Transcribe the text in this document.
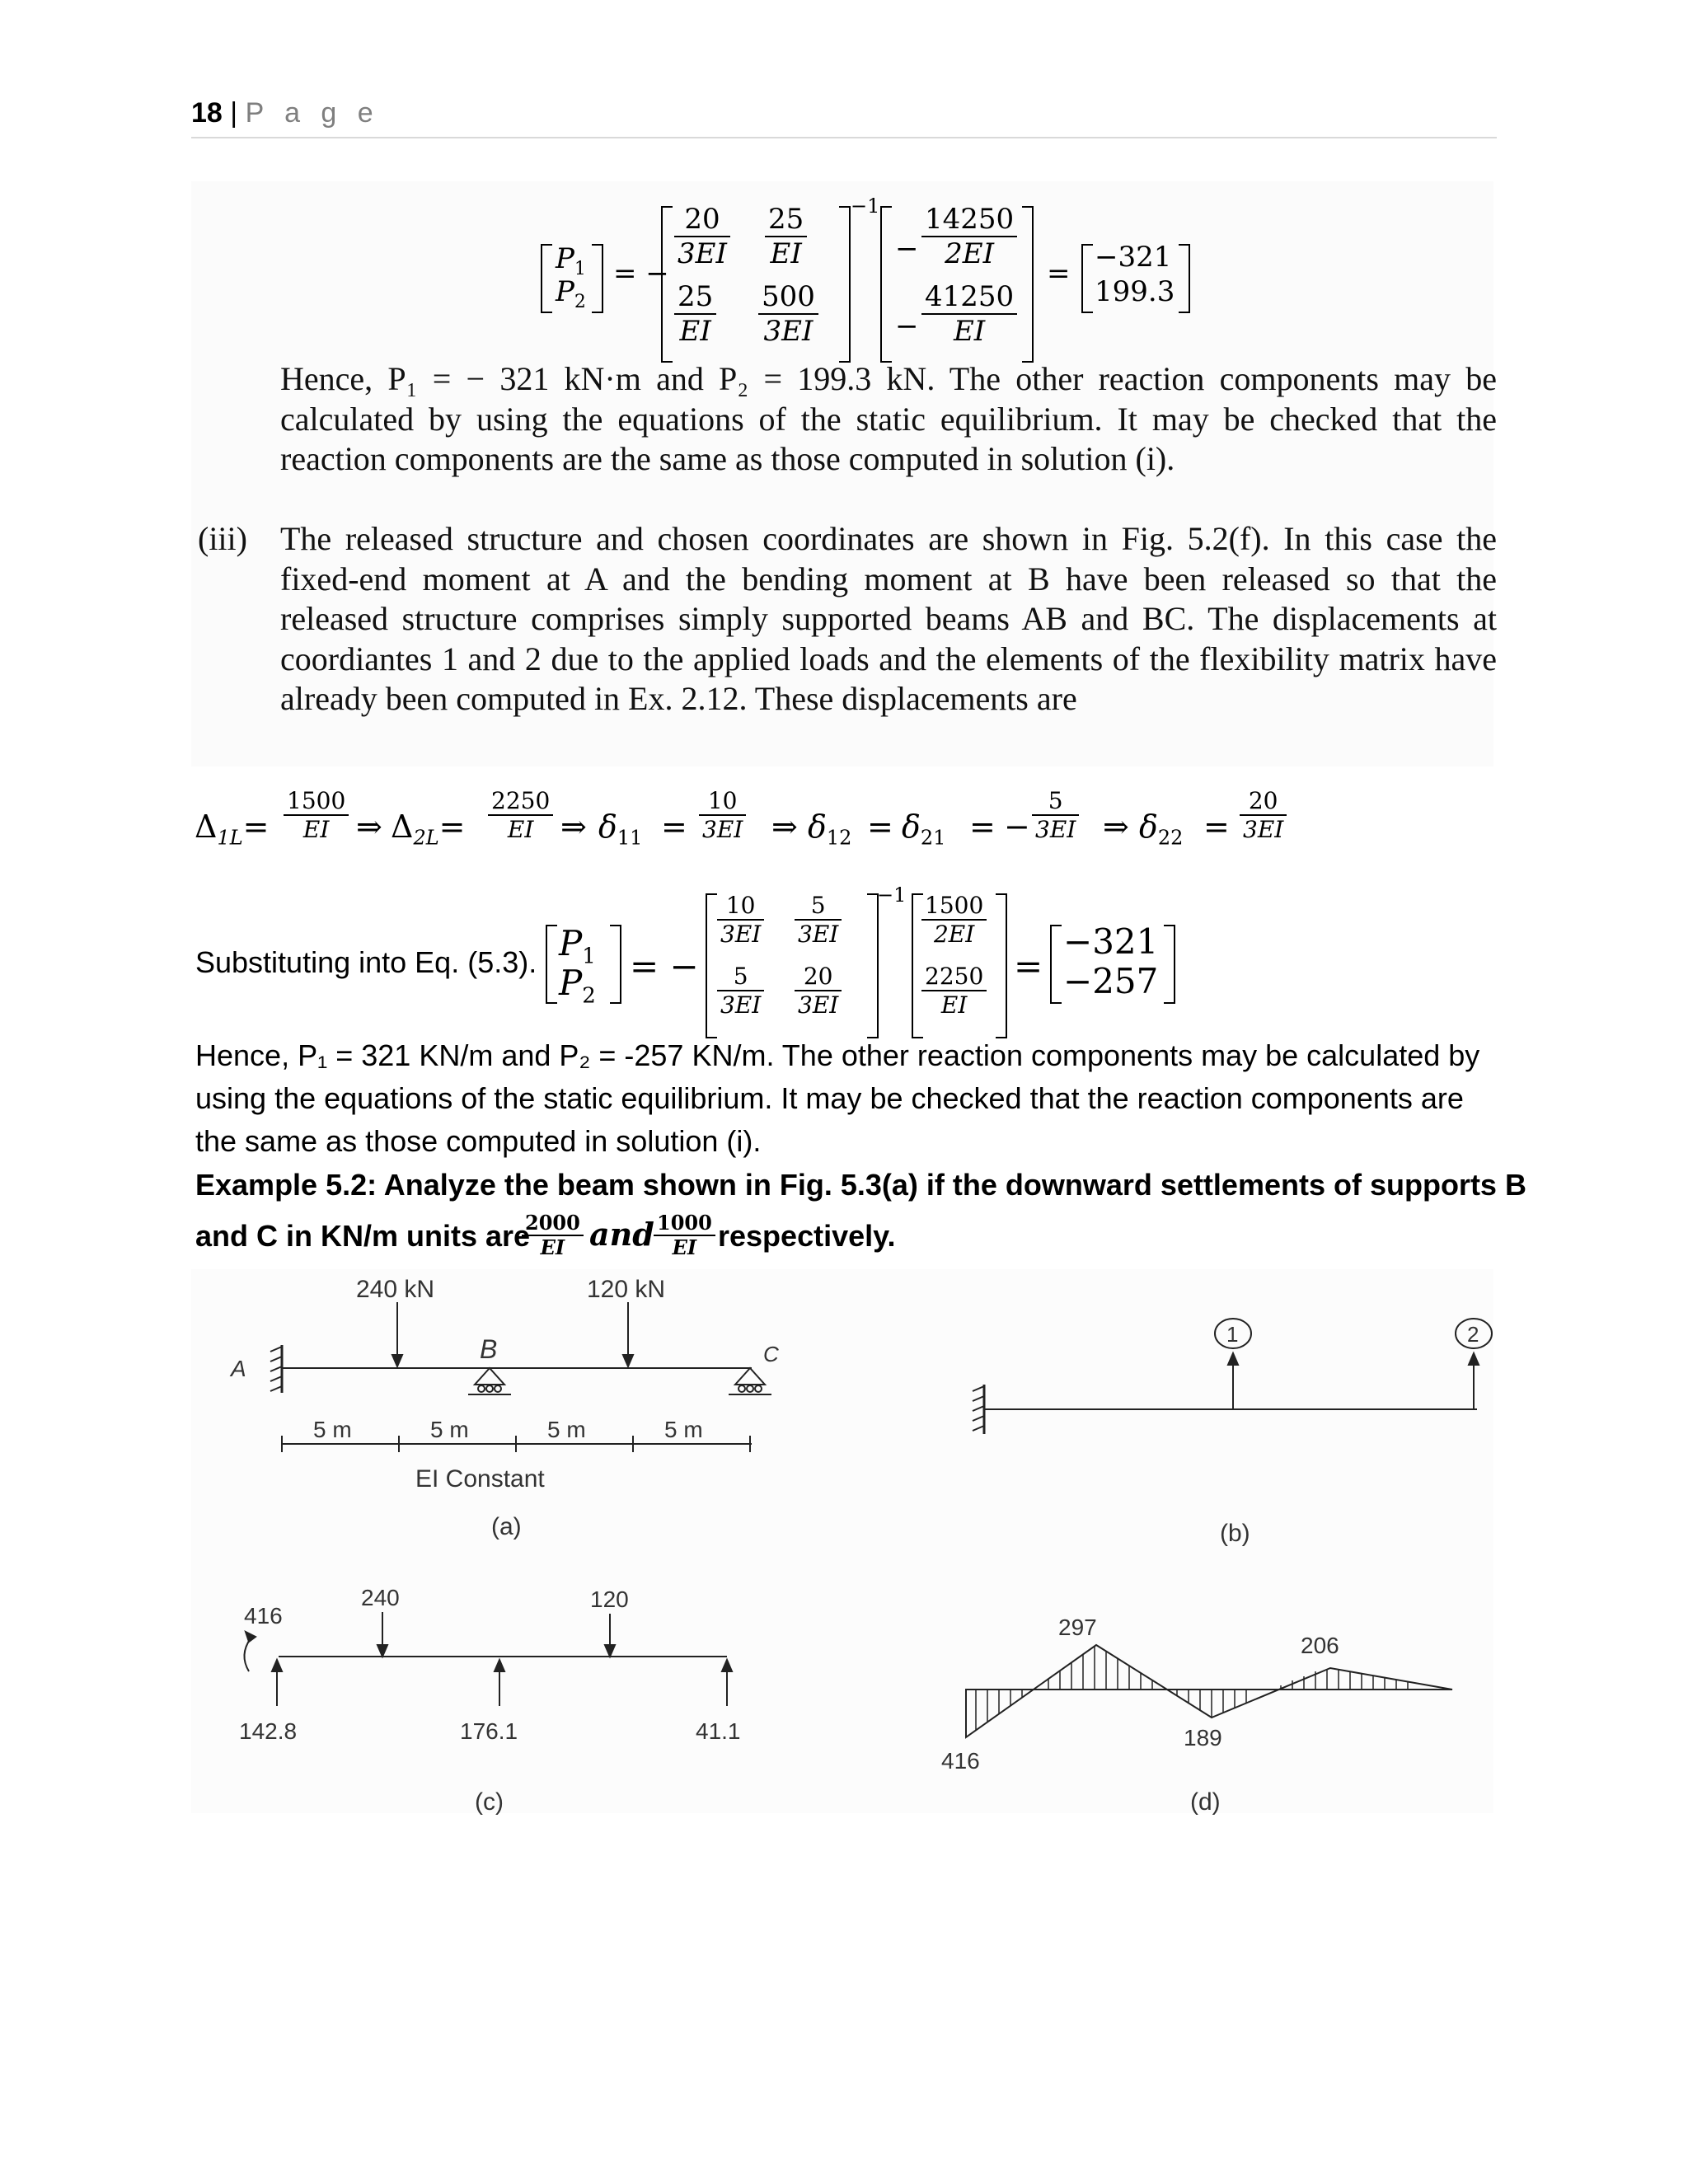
18 | P a g e
$P_1$
$P_2$
= −
$\frac{20}{3EI} \frac{25}{EI}$
$\frac{25}{EI} \frac{500}{3EI}$
−1
− $\frac{14250}{2EI}$
− $\frac{41250}{EI}$
= −321
199.3
Hence, P₁ = − 321 kN·m and P₂ = 199.3 kN. The other reaction components may be calculated by using the equations of the static equilibrium. It may be checked that the reaction components are the same as those computed in solution (i).
(iii) The released structure and chosen coordinates are shown in Fig. 5.2(f). In this case the fixed-end moment at A and the bending moment at B have been released so that the released structure comprises simply supported beams AB and BC. The displacements at coordiantes 1 and 2 due to the applied loads and the elements of the flexibility matrix have already been computed in Ex. 2.12. These displacements are
$\Delta_{1L}= \frac{1500}{EI}$ ⇒ $\Delta_{2L}= \frac{2250}{EI}$ ⇒ $\delta_{11} = \frac{10}{3EI}$ ⇒ $\delta_{12} = \delta_{21}$ = − $\frac{5}{3EI}$ ⇒ $\delta_{22} = \frac{20}{3EI}$
Substituting into Eq. (5.3). $P_1$
$P_2$
= −
$\frac{10}{3EI} \frac{5}{3EI}$
$\frac{5}{3EI} \frac{20}{3EI}$
$-1 \frac{1500}{2EI}$
$\frac{2250}{EI}$ =
−321
−257
Hence, P₁ = 321 KN/m and P₂ = -257 KN/m. The other reaction components may be calculated by using the equations of the static equilibrium. It may be checked that the reaction components are the same as those computed in solution (i).
Example 5.2: Analyze the beam shown in Fig. 5.3(a) if the downward settlements of supports B
and C in KN/m units are
$\frac{2000}{EI}$ and $\frac{1000}{EI}$ respectively.
240 kN	120 kN
A
B	C
5 m	5 m	5 m	5 m
EI Constant
(a)
1	2
(b)
240	120
416
142.8	176.1	41.1
(c)
297
206
416
189
(d)
